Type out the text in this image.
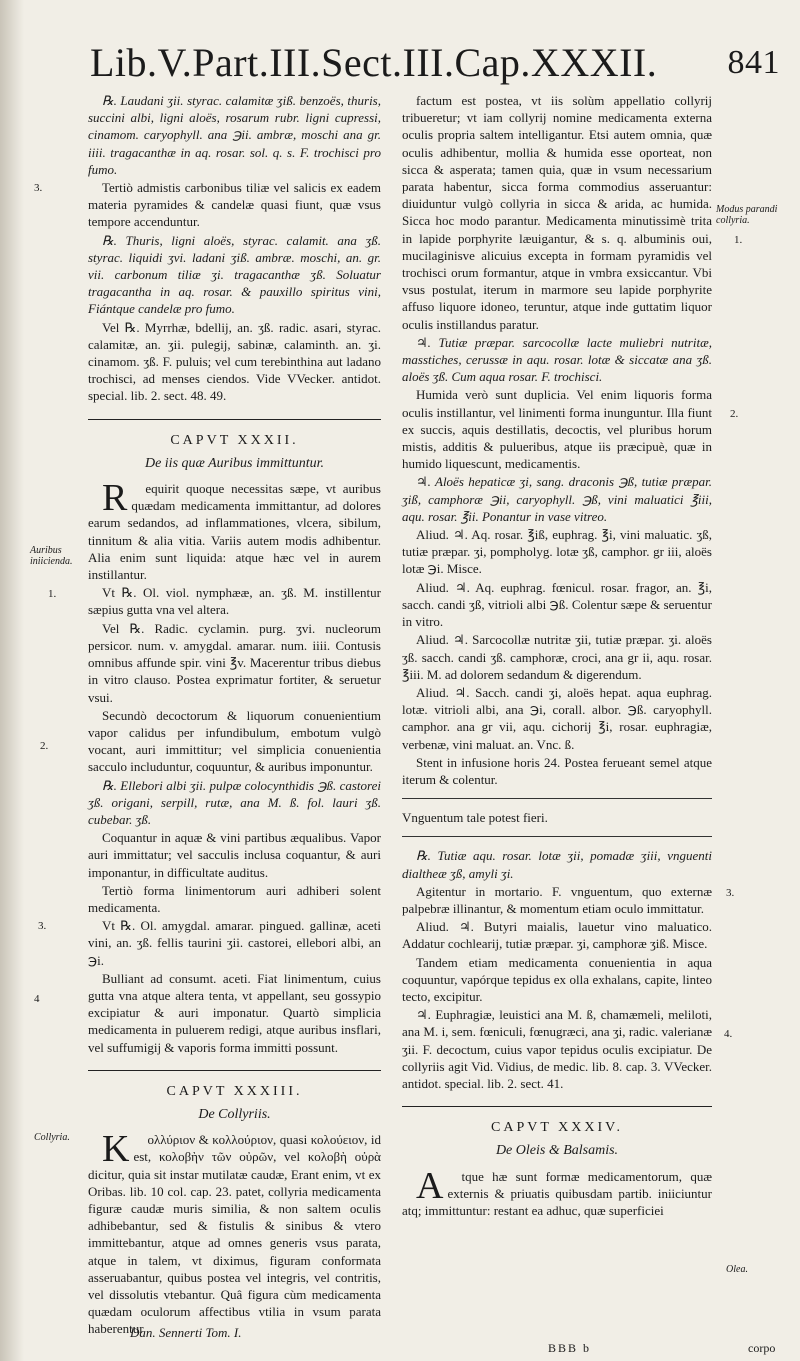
Lib.V.Part.III.Sect.III.Cap.XXXII. 841

℞. Laudani ʒii. styrac. calamitæ ʒiß. benzoës, thuris, succini albi, ligni aloës, rosarum rubr. ligni cupressi, cinamom. caryophyll. ana ℈ii. ambræ, moschi ana gr. iiii. tragacanthæ in aq. rosar. sol. q. s. F. trochisci pro fumo.

Tertiò admistis carbonibus tiliæ vel salicis ex eadem materia pyramides & candelæ quasi fiunt, quæ vsus tempore accenduntur.

℞. Thuris, ligni aloës, styrac. calamit. ana ʒß. styrac. liquidi ʒvi. ladani ʒiß. ambræ. moschi, an. gr. vii. carbonum tiliæ ʒi. tragacanthæ ʒß. Soluatur tragacantha in aq. rosar. & pauxillo spiritus vini, Fiántque candelæ pro fumo.

Vel ℞. Myrrhæ, bdellij, an. ʒß. radic. asari, styrac. calamitæ, an. ʒii. pulegij, sabinæ, calaminth. an. ʒi. cinamom. ʒß. F. puluis; vel cum terebinthina aut ladano trochisci, ad menses ciendos. Vide VVecker. antidot. special. lib. 2. sect. 48. 49.

CAPVT XXXII.
De iis quæ Auribus immittuntur.

Requirit quoque necessitas sæpe, vt auribus quædam medicamenta immittantur, ad dolores earum sedandos, ad inflammationes, vlcera, sibilum, tinnitum & alia vitia. Variis autem modis adhibentur. Alia enim sunt liquida: atque hæc vel in aurem instillantur.

Vt ℞. Ol. viol. nymphææ, an. ʒß. M. instillentur sæpius gutta vna vel altera.

Vel ℞. Radic. cyclamin. purg. ʒvi. nucleorum persicor. num. v. amygdal. amarar. num. iiii. Contusis omnibus affunde spir. vini ℥v. Macerentur tribus diebus in vitro clauso. Postea exprimatur fortiter, & seruetur vsui.

Secundò decoctorum & liquorum conuenientium vapor calidus per infundibulum, embotum vulgò vocant, auri immittitur; vel simplicia conuenientia sacculo includuntur, coquuntur, & auribus imponuntur.

℞. Ellebori albi ʒii. pulpæ colocynthidis ℈ß. castorei ʒß. origani, serpill, rutæ, ana M. ß. fol. lauri ʒß. cubebar. ʒß.

Coquantur in aquæ & vini partibus æqualibus. Vapor auri immittatur; vel sacculis inclusa coquantur, & auri imponantur, in difficultate auditus.

Tertiò forma linimentorum auri adhiberi solent medicamenta.

Vt ℞. Ol. amygdal. amarar. pingued. gallinæ, aceti vini, an. ʒß. fellis taurini ʒii. castorei, ellebori albi, an ℈i.

Bulliant ad consumt. aceti. Fiat linimentum, cuius gutta vna atque altera tenta, vt appellant, seu gossypio excipiatur & auri imponatur. Quartò simplicia medicamenta in puluerem redigi, atque auribus insflari, vel suffumigij & vaporis forma immitti possunt.

CAPVT XXXIII.
De Collyriis.

Κολλύριον & κολλούριον, quasi κολούειον, id est, κολοβὴν τῶν οὐρῶν, vel κολοβὴ οὐρὰ dicitur, quia sit instar mutilatæ caudæ, Erant enim, vt ex Oribas. lib. 10 col. cap. 23. patet, collyria medicamenta figuræ caudæ muris similia, & non saltem oculis adhibebantur, sed & fistulis & sinibus & vtero immittebantur, atque ad omnes generis vsus parata, atque in talem, vt diximus, figuram conformata asseruabantur, quibus postea vel integris, vel contritis, vel dissolutis vtebantur. Quâ figura cùm medicamenta quædam oculorum affectibus vtilia in vsum parata haberentur

factum est postea, vt iis solùm appellatio collyrij tribueretur; vt iam collyrij nomine medicamenta externa oculis propria saltem intelligantur. Etsi autem omnia, quæ oculis adhibentur, mollia & humida esse oporteat, non sicca & asperata; tamen quia, quæ in vsum necessarium parata habentur, sicca forma commodius asseruantur: diuiduntur vulgò collyria in sicca & arida, ac humida. Sicca hoc modo parantur. Medicamenta minutissimè trita in lapide porphyrite læuigantur, & s. q. albuminis oui, mucilaginisve alicuius excepta in formam pyramidis vel trochisci orum formantur, atque in vmbra exsiccantur. Vbi vsus postulat, iterum in marmore seu lapide porphyrite affuso liquore idoneo, teruntur, atque inde guttatim liquor oculis instillandus paratur.

♃. Tutiæ præpar. sarcocollæ lacte muliebri nutritæ, masstiches, cerussæ in aqu. rosar. lotæ & siccatæ ana ʒß. aloës ʒß. Cum aqua rosar. F. trochisci.

Humida verò sunt duplicia. Vel enim liquoris forma oculis instillantur, vel linimenti forma inunguntur. Illa fiunt ex succis, aquis destillatis, decoctis, vel pluribus horum mistis, additis & pulueribus, atque iis præcipuè, quæ in humido liquescunt, medicamentis.

♃. Aloës hepaticæ ʒi, sang. draconis ℈ß, tutiæ præpar. ʒiß, camphoræ ℈ii, caryophyll. ℈ß, vini maluatici ℥iii, aqu. rosar. ℥ii. Ponantur in vase vitreo.

Aliud. ♃. Aq. rosar. ℥iß, euphrag. ℥i, vini maluatic. ʒß, tutiæ præpar. ʒi, pompholyg. lotæ ʒß, camphor. gr iii, aloës lotæ ℈i. Misce.

Aliud. ♃. Aq. euphrag. fœnicul. rosar. fragor, an. ℥i, sacch. candi ʒß, vitrioli albi ℈ß. Colentur sæpe & seruentur in vitro.

Aliud. ♃. Sarcocollæ nutritæ ʒii, tutiæ præpar. ʒi. aloës ʒß. sacch. candi ʒß. camphoræ, croci, ana gr ii, aqu. rosar. ℥iii. M. ad dolorem sedandum & digerendum.

Aliud. ♃. Sacch. candi ʒi, aloës hepat. aqua euphrag. lotæ. vitrioli albi, ana ℈i, corall. albor. ℈ß. caryophyll. camphor. ana gr vii, aqu. cichorij ℥i, rosar. euphragiæ, verbenæ, vini maluat. an. Vnc. ß.

Stent in infusione horis 24. Postea ferueant semel atque iterum & colentur.

Vnguentum tale potest fieri.

℞. Tutiæ aqu. rosar. lotæ ʒii, pomadæ ʒiii, vnguenti dialtheæ ʒß, amyli ʒi.

Agitentur in mortario. F. vnguentum, quo externæ palpebræ illinantur, & momentum etiam oculo immittatur.

Aliud. ♃. Butyri maialis, lauetur vino maluatico. Addatur cochlearij, tutiæ præpar. ʒi, camphoræ ʒiß. Misce.

Tandem etiam medicamenta conuenientia in aqua coquuntur, vapórque tepidus ex olla exhalans, capite, linteo tecto, excipitur.

♃. Euphragiæ, leuistici ana M. ß, chamæmeli, meliloti, ana M. i, sem. fœniculi, fœnugræci, ana ʒi, radic. valerianæ ʒii. F. decoctum, cuius vapor tepidus oculis excipiatur. De collyriis agit Vid. Vidius, de medic. lib. 8. cap. 3. VVecker. antidot. special. lib. 2. sect. 41.

CAPVT XXXIV.
De Oleis & Balsamis.

Atque hæ sunt formæ medicamentorum, quæ externis & priuatis quibusdam partib. iniiciuntur atq; immittuntur: restant ea adhuc, quæ superficiei

3.
Auribus iniicienda.
1.
2.
3.
4
Collyria.
Modus parandi collyria.
1.
2.
3.
4.
Olea.
Dan. Sennerti Tom. I.
BBB b	corpo
